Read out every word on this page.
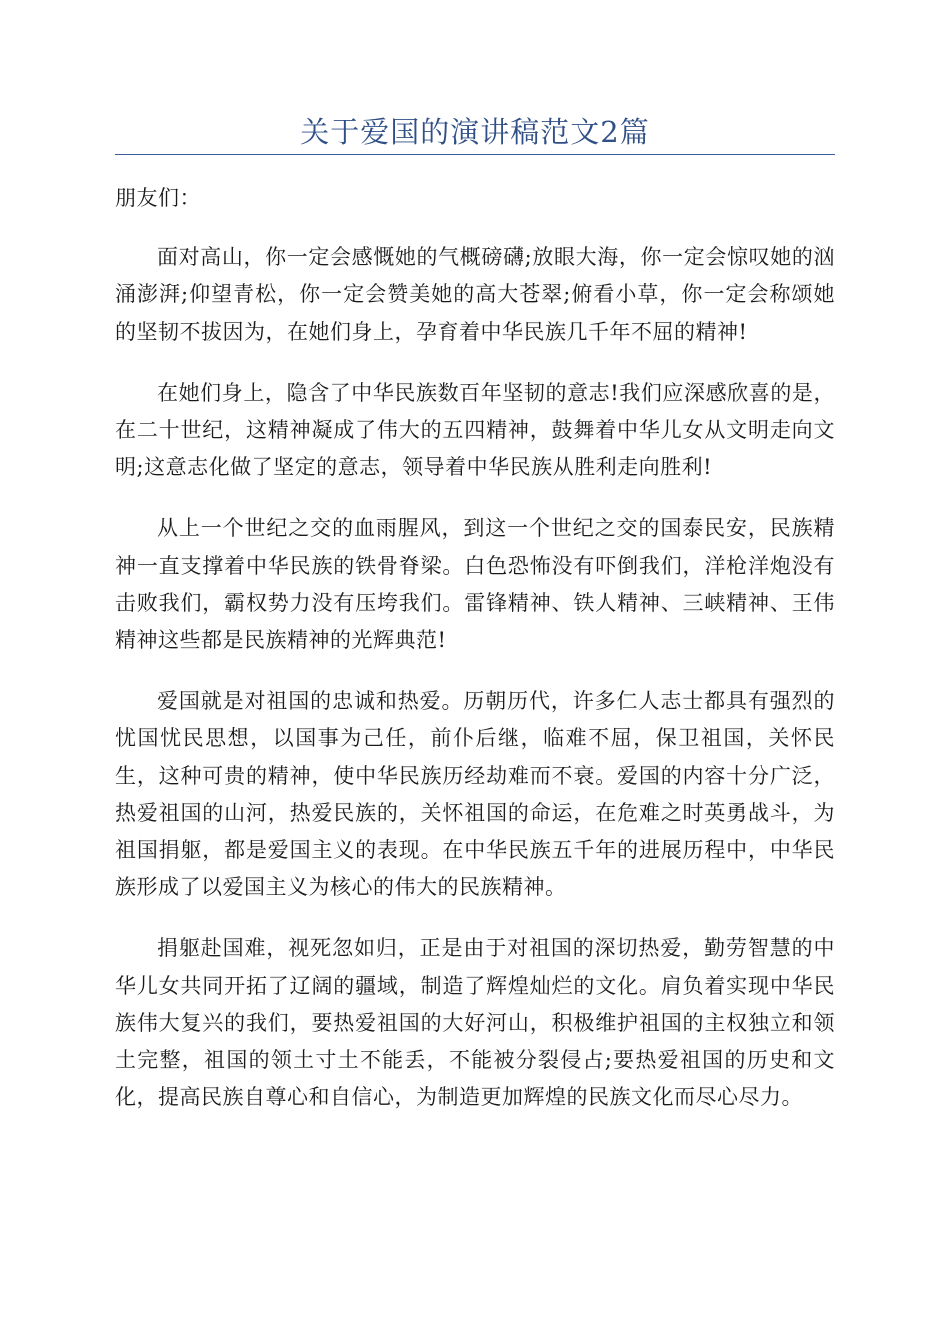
关于爱国的演讲稿范文2篇

朋友们：

面对高山，你一定会感慨她的气概磅礴;放眼大海，你一定会惊叹她的汹涌澎湃;仰望青松，你一定会赞美她的高大苍翠;俯看小草，你一定会称颂她的坚韧不拔因为，在她们身上，孕育着中华民族几千年不屈的精神!

在她们身上，隐含了中华民族数百年坚韧的意志!我们应深感欣喜的是，在二十世纪，这精神凝成了伟大的五四精神，鼓舞着中华儿女从文明走向文明;这意志化做了坚定的意志，领导着中华民族从胜利走向胜利!

从上一个世纪之交的血雨腥风，到这一个世纪之交的国泰民安，民族精神一直支撑着中华民族的铁骨脊梁。白色恐怖没有吓倒我们，洋枪洋炮没有击败我们，霸权势力没有压垮我们。雷锋精神、铁人精神、三峡精神、王伟精神这些都是民族精神的光辉典范!

爱国就是对祖国的忠诚和热爱。历朝历代，许多仁人志士都具有强烈的忧国忧民思想，以国事为己任，前仆后继，临难不屈，保卫祖国，关怀民生，这种可贵的精神，使中华民族历经劫难而不衰。爱国的内容十分广泛，热爱祖国的山河，热爱民族的，关怀祖国的命运，在危难之时英勇战斗，为祖国捐躯，都是爱国主义的表现。在中华民族五千年的进展历程中，中华民族形成了以爱国主义为核心的伟大的民族精神。

捐躯赴国难，视死忽如归，正是由于对祖国的深切热爱，勤劳智慧的中华儿女共同开拓了辽阔的疆域，制造了辉煌灿烂的文化。肩负着实现中华民族伟大复兴的我们，要热爱祖国的大好河山，积极维护祖国的主权独立和领土完整，祖国的领土寸土不能丢，不能被分裂侵占;要热爱祖国的历史和文化，提高民族自尊心和自信心，为制造更加辉煌的民族文化而尽心尽力。
